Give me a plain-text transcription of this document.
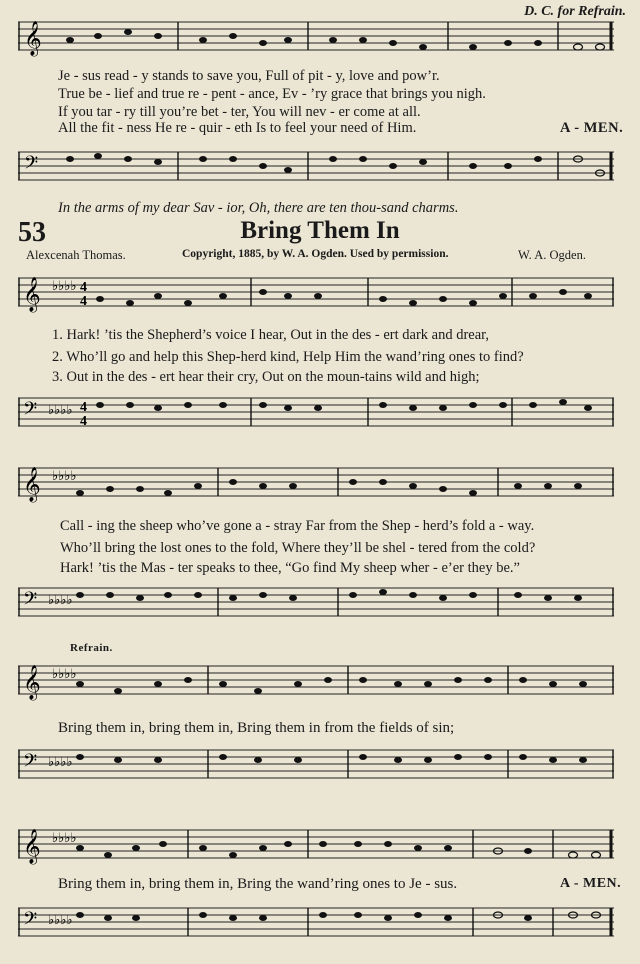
D. C. for Refrain.
𝄞
Je - sus read - y stands to save you, Full of pit - y, love and pow’r.
True be - lief and true re - pent - ance, Ev - ’ry grace that brings you nigh.
If you tar - ry till you’re bet - ter, You will nev - er come at all.
All the fit - ness He re - quir - eth Is to feel your need of Him.	A - MEN.
𝄢
In the arms of my dear Sav - ior, Oh, there are ten thou-sand charms.
53	Bring Them In
Alexcenah Thomas.	Copyright, 1885, by W. A. Ogden. Used by permission.	W. A. Ogden.
𝄞 ♭♭♭♭ 4
4
1. Hark! ’tis the Shepherd’s voice I hear, Out in the des - ert dark and drear,
2. Who’ll go and help this Shep-herd kind, Help Him the wand’ring ones to find?
3. Out in the des - ert hear their cry, Out on the moun-tains wild and high;
𝄢 ♭♭♭♭ 4
4
𝄞 ♭♭♭♭
Call - ing the sheep who’ve gone a - stray Far from the Shep - herd’s fold a - way.
Who’ll bring the lost ones to the fold, Where they’ll be shel - tered from the cold?
Hark! ’tis the Mas - ter speaks to thee, “Go find My sheep wher - e’er they be.”
𝄢 ♭♭♭♭
Refrain.
𝄞 ♭♭♭♭
Bring them in, bring them in, Bring them in from the fields of sin;
𝄢 ♭♭♭♭
𝄞 ♭♭♭♭
Bring them in, bring them in, Bring the wand’ring ones to Je - sus.	A - MEN.
𝄢 ♭♭♭♭
